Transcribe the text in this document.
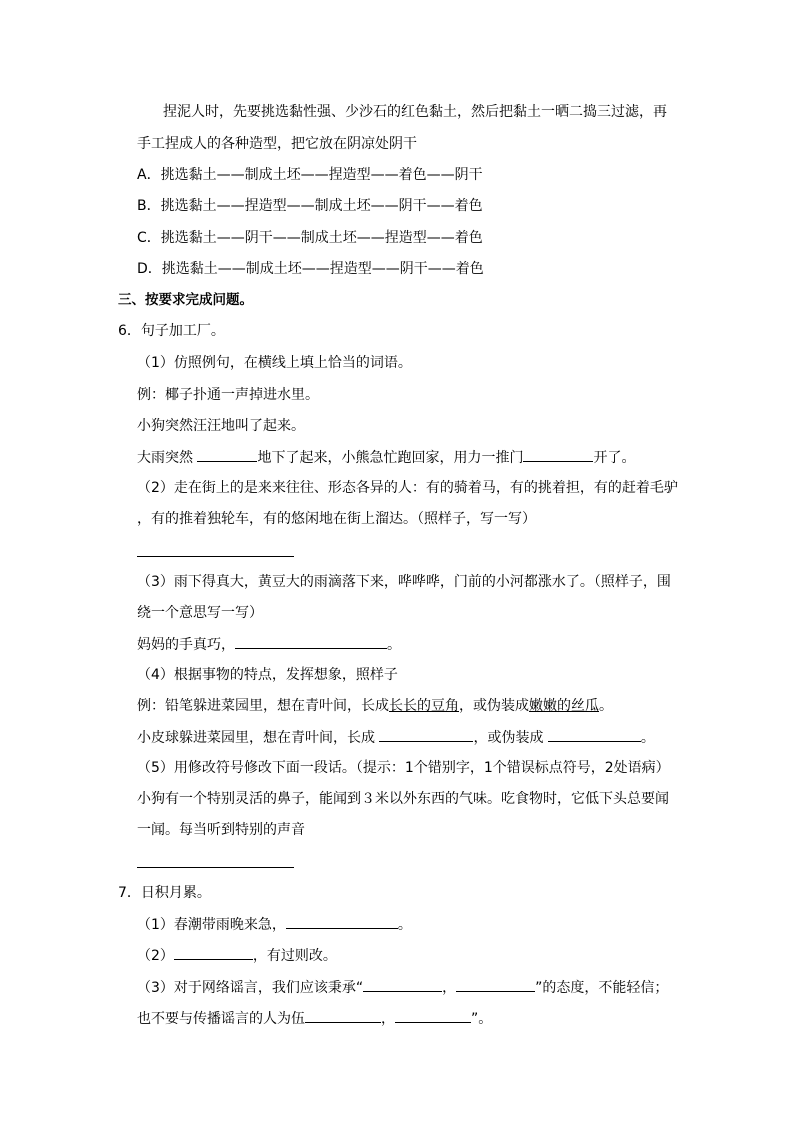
捏泥人时，先要挑选黏性强、少沙石的红色黏土，然后把黏土一晒二捣三过滤，再
手工捏成人的各种造型，把它放在阴凉处阴干
A．挑选黏土——制成土坯——捏造型——着色——阴干
B．挑选黏土——捏造型——制成土坯——阴干——着色
C．挑选黏土——阴干——制成土坯——捏造型——着色
D．挑选黏土——制成土坯——捏造型——阴干——着色
三、按要求完成问题。
6．句子加工厂。
（1）仿照例句，在横线上填上恰当的词语。
例：椰子扑通一声掉进水里。
小狗突然汪汪地叫了起来。
大雨突然	地下了起来，小熊急忙跑回家，用力一推门	开了。
（2）走在街上的是来来往往、形态各异的人：有的骑着马，有的挑着担，有的赶着毛驴
，有的推着独轮车，有的悠闲地在街上溜达。（照样子，写一写）
（3）雨下得真大，黄豆大的雨滴落下来，哗哗哗，门前的小河都涨水了。（照样子，围
绕一个意思写一写）
妈妈的手真巧，	。
（4）根据事物的特点，发挥想象，照样子
例：铅笔躲进菜园里，想在青叶间，长成长长的豆角，或伪装成嫩嫩的丝瓜。
小皮球躲进菜园里，想在青叶间，长成	，或伪装成	。
（5）用修改符号修改下面一段话。（提示：1个错别字，1个错误标点符号，2处语病）
小狗有一个特别灵活的鼻子，能闻到３米以外东西的气味。吃食物时，它低下头总要闻
一闻。每当听到特别的声音
7．日积月累。
（1）春潮带雨晚来急，	。
（2）	，有过则改。
（3）对于网络谣言，我们应该秉承“	，	”的态度，不能轻信；
也不要与传播谣言的人为伍	，	”。
